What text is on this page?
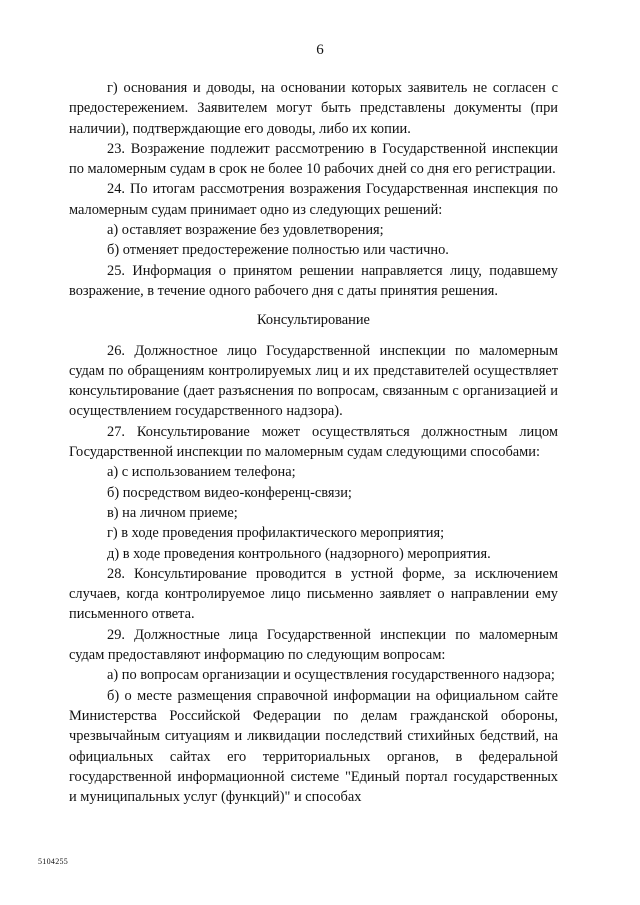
6

г) основания и доводы, на основании которых заявитель не согласен с предостережением. Заявителем могут быть представлены документы (при наличии), подтверждающие его доводы, либо их копии.

23. Возражение подлежит рассмотрению в Государственной инспекции по маломерным судам в срок не более 10 рабочих дней со дня его регистрации.

24. По итогам рассмотрения возражения Государственная инспекция по маломерным судам принимает одно из следующих решений:

а) оставляет возражение без удовлетворения;

б) отменяет предостережение полностью или частично.

25. Информация о принятом решении направляется лицу, подавшему возражение, в течение одного рабочего дня с даты принятия решения.

Консультирование

26. Должностное лицо Государственной инспекции по маломерным судам по обращениям контролируемых лиц и их представителей осуществляет консультирование (дает разъяснения по вопросам, связанным с организацией и осуществлением государственного надзора).

27. Консультирование может осуществляться должностным лицом Государственной инспекции по маломерным судам следующими способами:

а) с использованием телефона;

б) посредством видео-конференц-связи;

в) на личном приеме;

г) в ходе проведения профилактического мероприятия;

д) в ходе проведения контрольного (надзорного) мероприятия.

28. Консультирование проводится в устной форме, за исключением случаев, когда контролируемое лицо письменно заявляет о направлении ему письменного ответа.

29. Должностные лица Государственной инспекции по маломерным судам предоставляют информацию по следующим вопросам:

а) по вопросам организации и осуществления государственного надзора;

б) о месте размещения справочной информации на официальном сайте Министерства Российской Федерации по делам гражданской обороны, чрезвычайным ситуациям и ликвидации последствий стихийных бедствий, на официальных сайтах его территориальных органов, в федеральной государственной информационной системе "Единый портал государственных и муниципальных услуг (функций)" и способах

5104255
